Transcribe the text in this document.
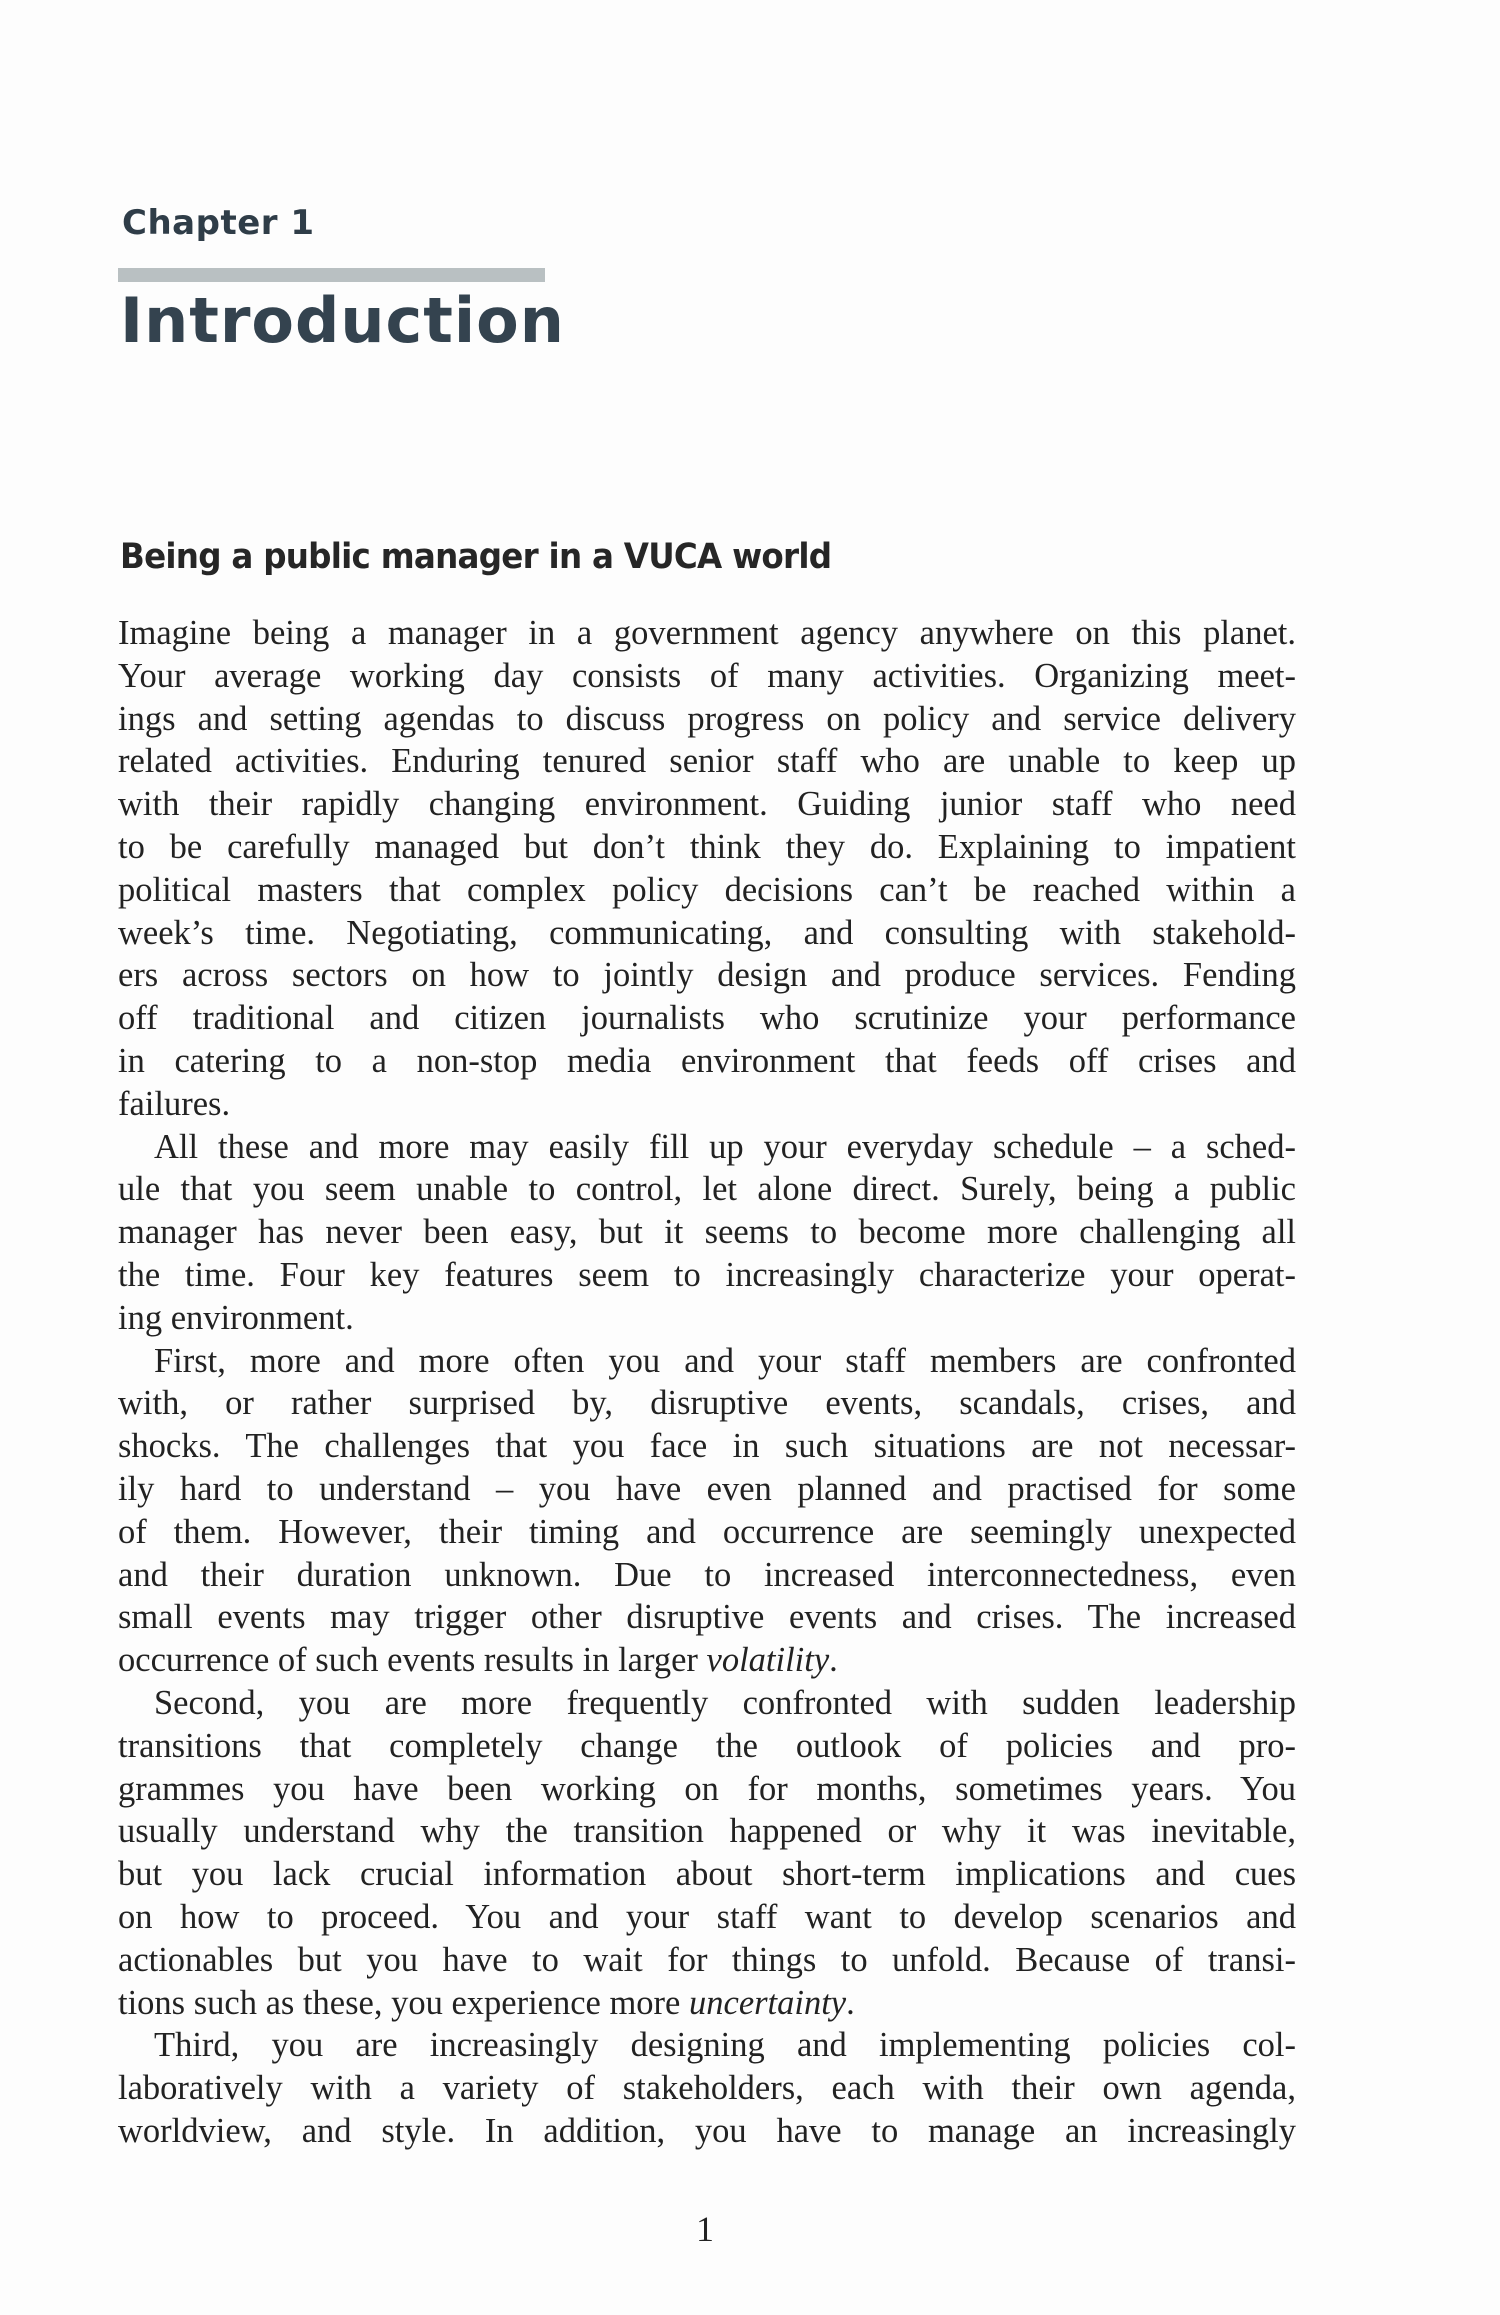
Chapter 1
Introduction
Being a public manager in a VUCA world
Imagine being a manager in a government agency anywhere on this planet.
Your average working day consists of many activities. Organizing meet-
ings and setting agendas to discuss progress on policy and service delivery
related activities. Enduring tenured senior staff who are unable to keep up
with their rapidly changing environment. Guiding junior staff who need
to be carefully managed but don’t think they do. Explaining to impatient
political masters that complex policy decisions can’t be reached within a
week’s time. Negotiating, communicating, and consulting with stakehold-
ers across sectors on how to jointly design and produce services. Fending
off traditional and citizen journalists who scrutinize your performance
in catering to a non-stop media environment that feeds off crises and
failures.
All these and more may easily fill up your everyday schedule – a sched-
ule that you seem unable to control, let alone direct. Surely, being a public
manager has never been easy, but it seems to become more challenging all
the time. Four key features seem to increasingly characterize your operat-
ing environment.
First, more and more often you and your staff members are confronted
with, or rather surprised by, disruptive events, scandals, crises, and
shocks. The challenges that you face in such situations are not necessar-
ily hard to understand – you have even planned and practised for some
of them. However, their timing and occurrence are seemingly unexpected
and their duration unknown. Due to increased interconnectedness, even
small events may trigger other disruptive events and crises. The increased
occurrence of such events results in larger volatility.
Second, you are more frequently confronted with sudden leadership
transitions that completely change the outlook of policies and pro-
grammes you have been working on for months, sometimes years. You
usually understand why the transition happened or why it was inevitable,
but you lack crucial information about short-term implications and cues
on how to proceed. You and your staff want to develop scenarios and
actionables but you have to wait for things to unfold. Because of transi-
tions such as these, you experience more uncertainty.
Third, you are increasingly designing and implementing policies col-
laboratively with a variety of stakeholders, each with their own agenda,
worldview, and style. In addition, you have to manage an increasingly
1
